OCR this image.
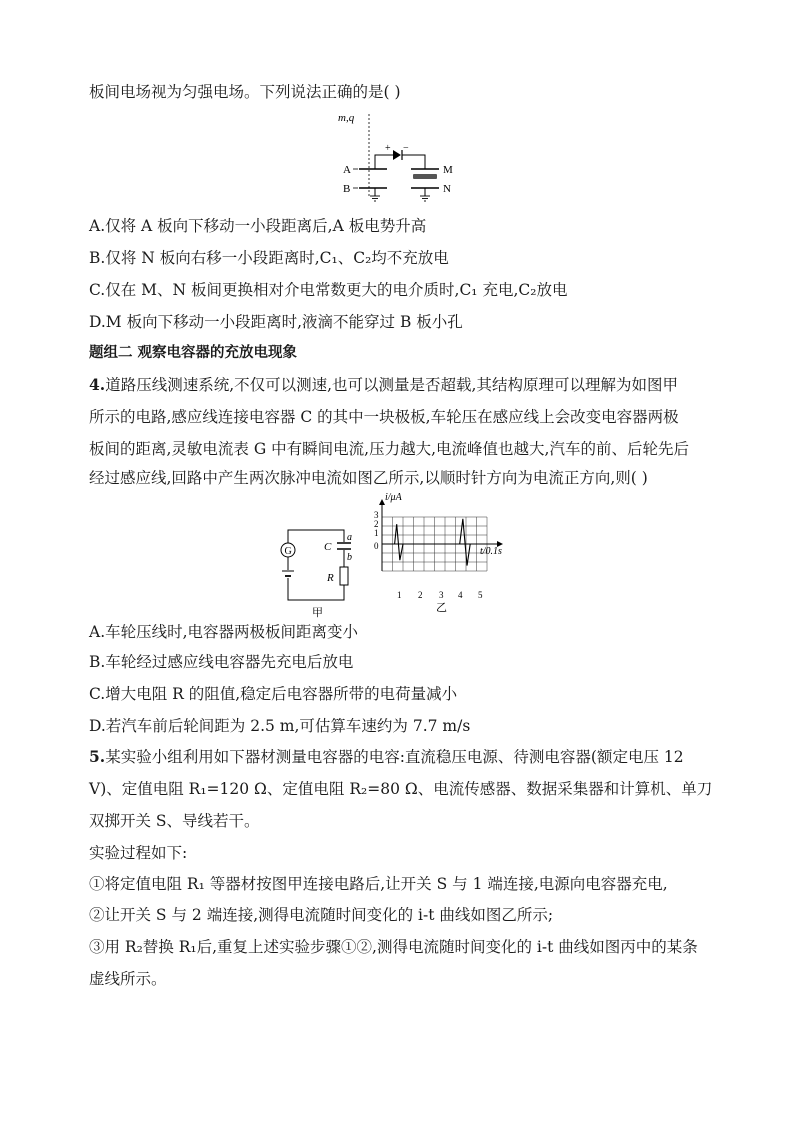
板间电场视为匀强电场。下列说法正确的是( )
m,q
A
B
+ −
M
N
A.仅将 A 板向下移动一小段距离后,A 板电势升高
B.仅将 N 板向右移一小段距离时,C₁、C₂均不充放电
C.仅在 M、N 板间更换相对介电常数更大的电介质时,C₁ 充电,C₂放电
D.M 板向下移动一小段距离时,液滴不能穿过 B 板小孔
题组二 观察电容器的充放电现象
4.道路压线测速系统,不仅可以测速,也可以测量是否超载,其结构原理可以理解为如图甲
所示的电路,感应线连接电容器 C 的其中一块极板,车轮压在感应线上会改变电容器两极
板间的距离,灵敏电流表 G 中有瞬间电流,压力越大,电流峰值也越大,汽车的前、后轮先后
经过感应线,回路中产生两次脉冲电流如图乙所示,以顺时针方向为电流正方向,则( )
G	C
a
b
R
甲
i/μA
t/0.1s
3
2
1
0
1 2 3 4 5
乙
A.车轮压线时,电容器两极板间距离变小
B.车轮经过感应线电容器先充电后放电
C.增大电阻 R 的阻值,稳定后电容器所带的电荷量减小
D.若汽车前后轮间距为 2.5 m,可估算车速约为 7.7 m/s
5.某实验小组利用如下器材测量电容器的电容:直流稳压电源、待测电容器(额定电压 12
V)、定值电阻 R₁=120 Ω、定值电阻 R₂=80 Ω、电流传感器、数据采集器和计算机、单刀
双掷开关 S、导线若干。
实验过程如下:
①将定值电阻 R₁ 等器材按图甲连接电路后,让开关 S 与 1 端连接,电源向电容器充电,
②让开关 S 与 2 端连接,测得电流随时间变化的 i-t 曲线如图乙所示;
③用 R₂替换 R₁后,重复上述实验步骤①②,测得电流随时间变化的 i-t 曲线如图丙中的某条
虚线所示。
